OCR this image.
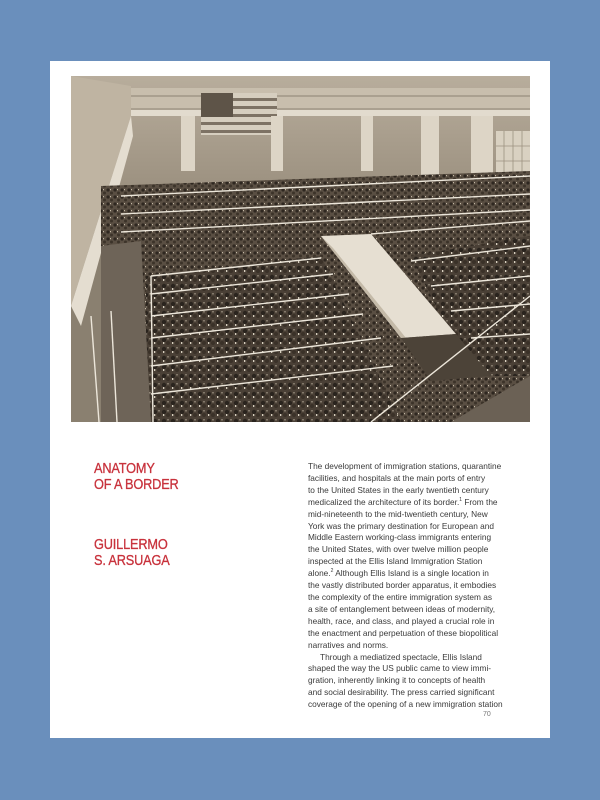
ANATOMY
OF A BORDER
GUILLERMO
S. ARSUAGA

The development of immigration stations, quarantine
facilities, and hospitals at the main ports of entry
to the United States in the early twentieth century
medicalized the architecture of its border.$^1$ From the
mid-nineteenth to the mid-twentieth century, New
York was the primary destination for European and
Middle Eastern working-class immigrants entering
the United States, with over twelve million people
inspected at the Ellis Island Immigration Station
alone.$^2$ Although Ellis Island is a single location in
the vastly distributed border apparatus, it embodies
the complexity of the entire immigration system as
a site of entanglement between ideas of modernity,
health, race, and class, and played a crucial role in
the enactment and perpetuation of these biopolitical
narratives and norms.

Through a mediatized spectacle, Ellis Island
shaped the way the US public came to view immi-
gration, inherently linking it to concepts of health
and social desirability. The press carried significant
coverage of the opening of a new immigration station

70
